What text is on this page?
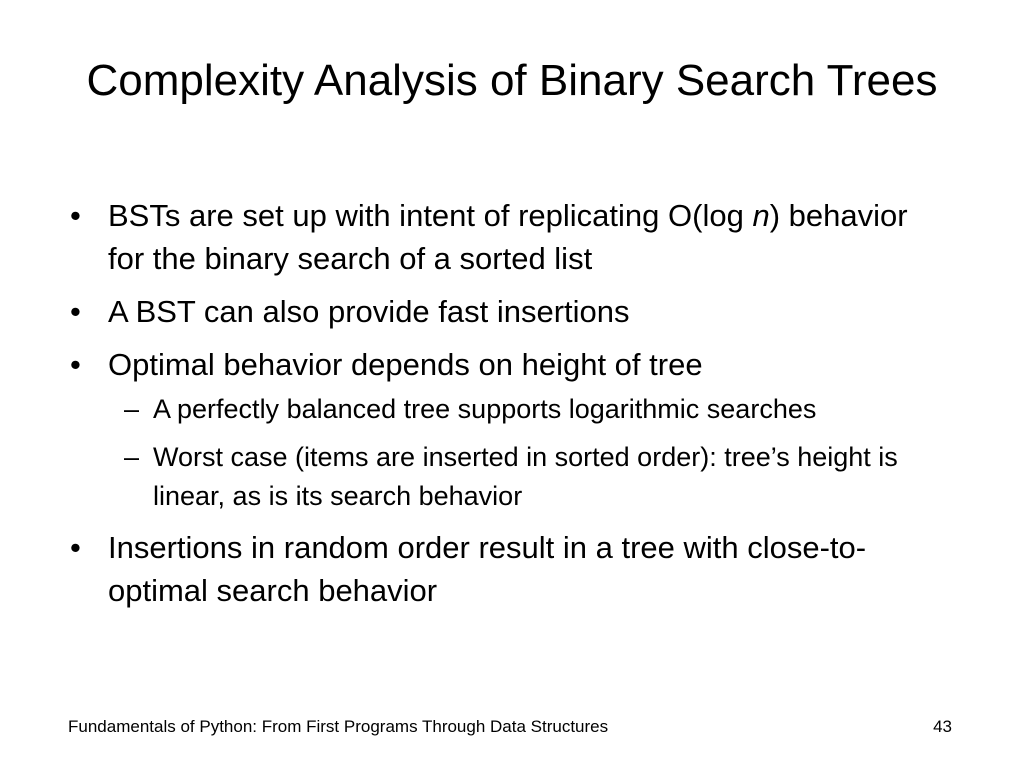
Complexity Analysis of Binary Search Trees
• BSTs are set up with intent of replicating O(log n) behavior for the binary search of a sorted list
• A BST can also provide fast insertions
• Optimal behavior depends on height of tree
– A perfectly balanced tree supports logarithmic searches
– Worst case (items are inserted in sorted order): tree’s height is linear, as is its search behavior
• Insertions in random order result in a tree with close-to-optimal search behavior
Fundamentals of Python: From First Programs Through Data Structures	43
